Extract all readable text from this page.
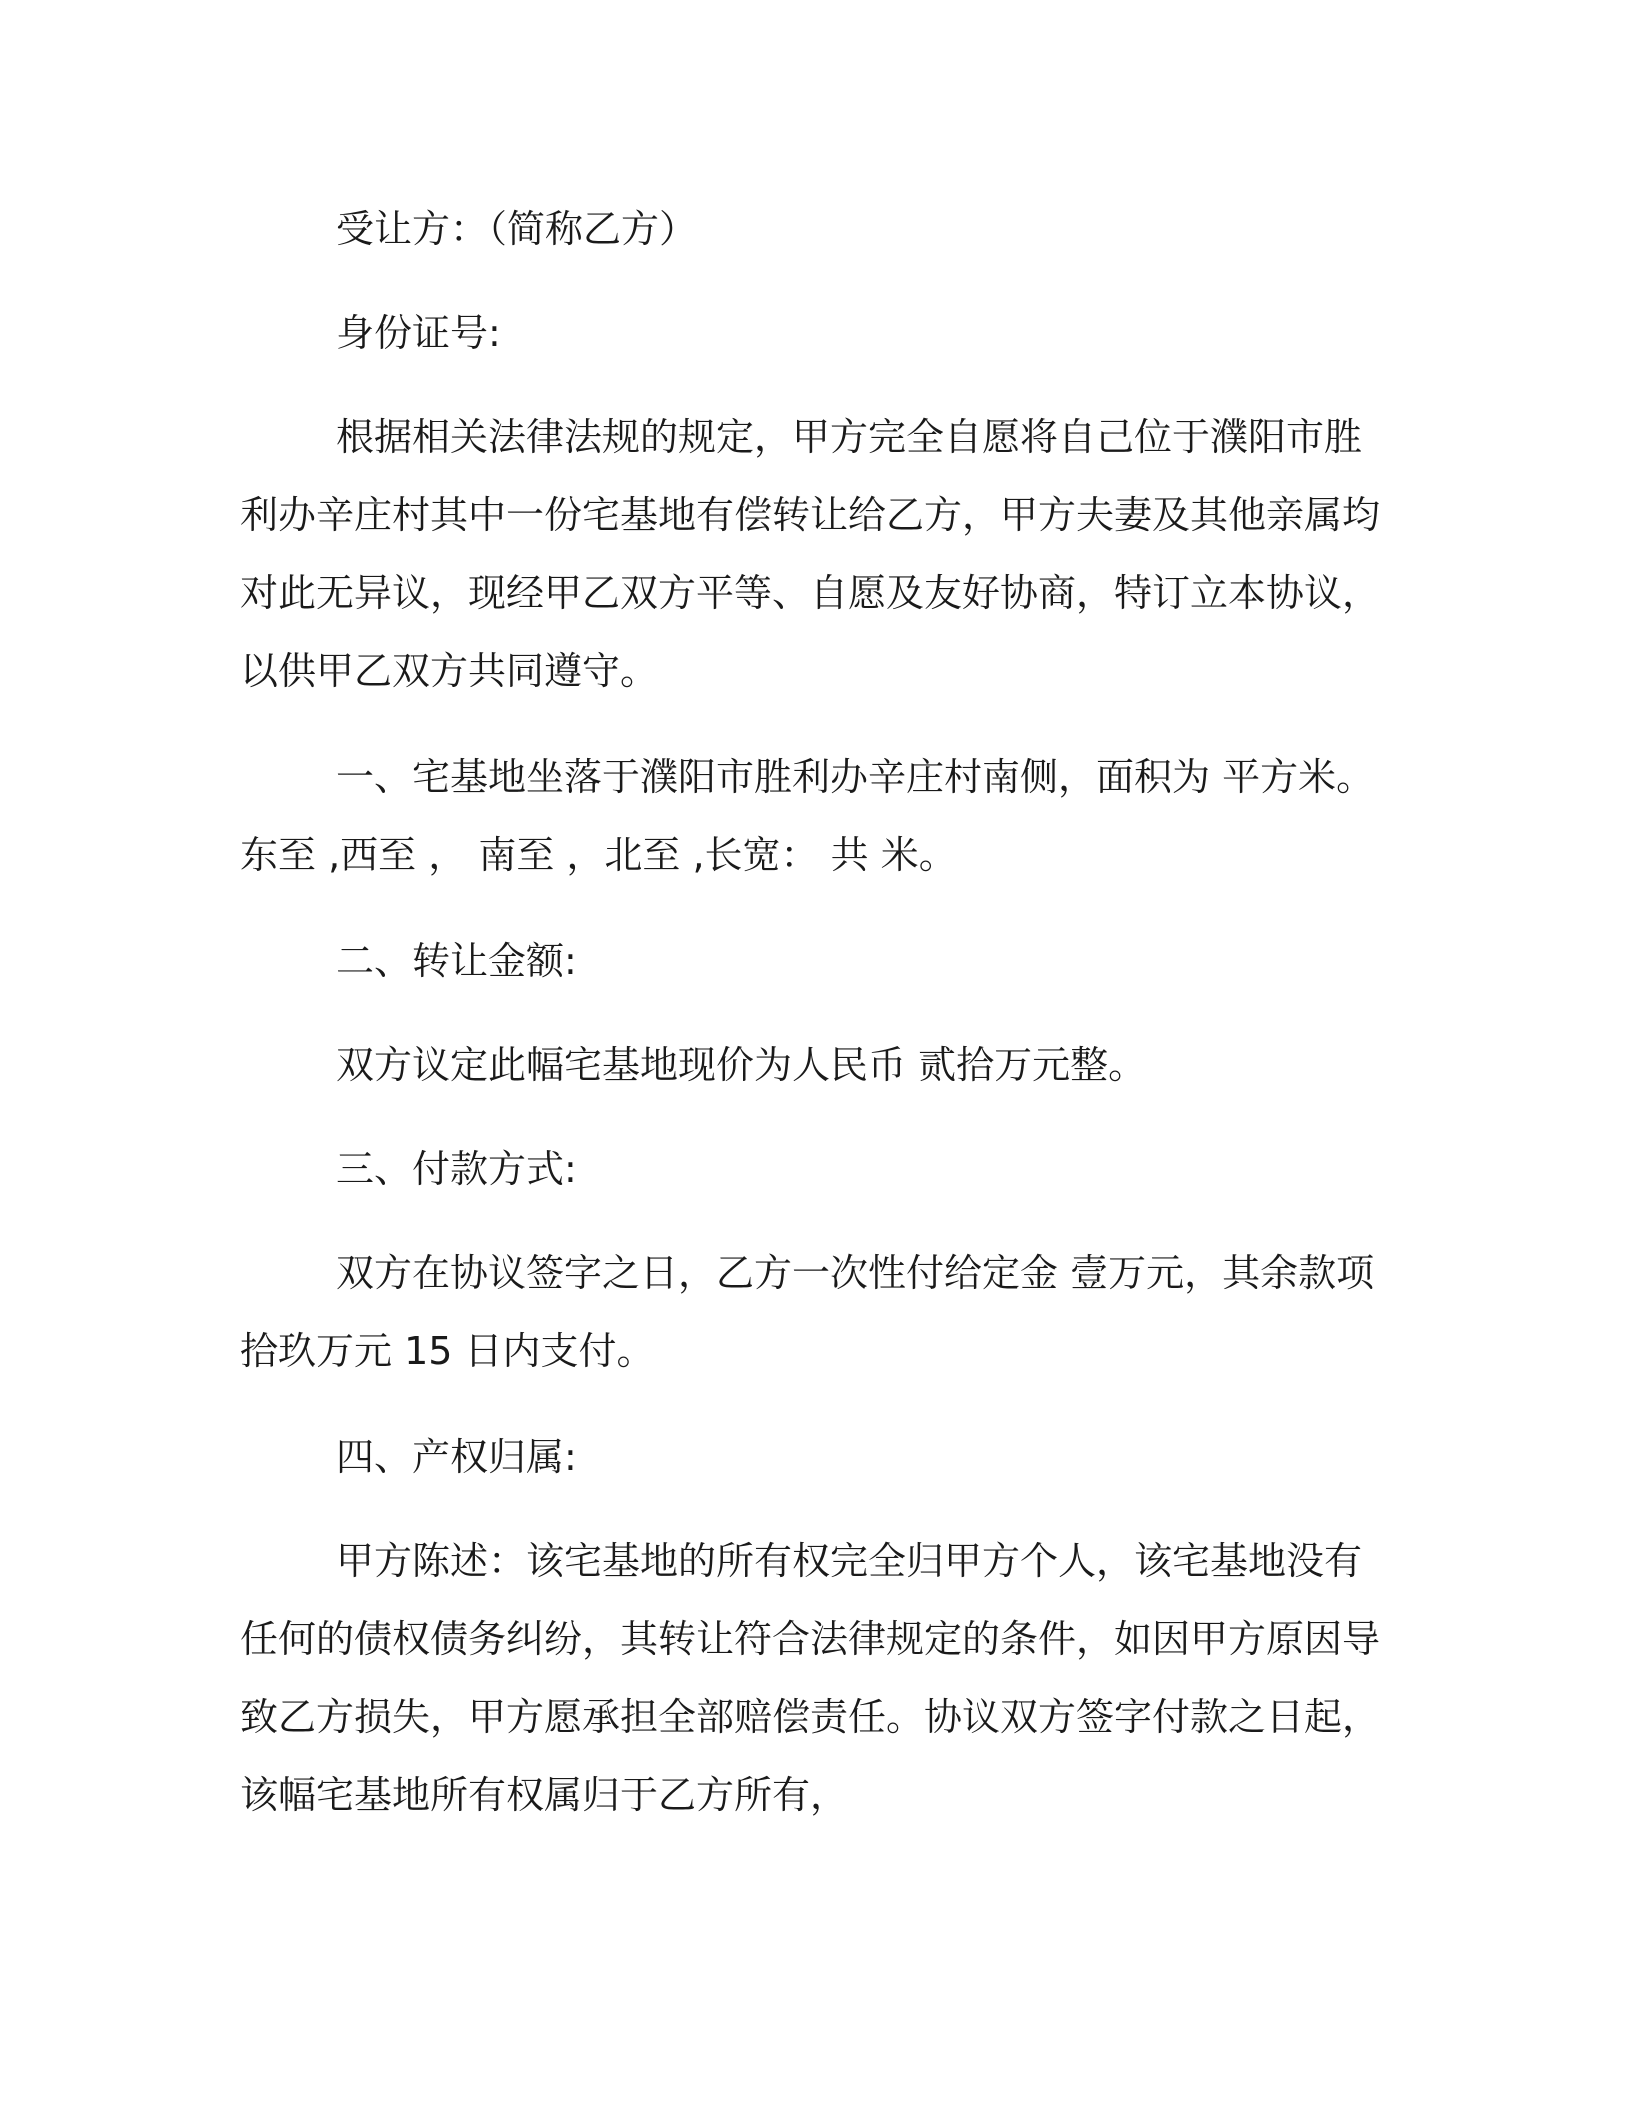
受让方：（简称乙方）

身份证号:

根据相关法律法规的规定，甲方完全自愿将自己位于濮阳市胜利办辛庄村其中一份宅基地有偿转让给乙方，甲方夫妻及其他亲属均对此无异议，现经甲乙双方平等、自愿及友好协商，特订立本协议，以供甲乙双方共同遵守。

一、宅基地坐落于濮阳市胜利办辛庄村南侧，面积为 平方米。东至 ,西至 ， 南至 ，北至 ,长宽： 共 米。

二、转让金额:

双方议定此幅宅基地现价为人民币 贰拾万元整。

三、付款方式:

双方在协议签字之日，乙方一次性付给定金 壹万元，其余款项拾玖万元 15 日内支付。

四、产权归属:

甲方陈述：该宅基地的所有权完全归甲方个人，该宅基地没有任何的债权债务纠纷，其转让符合法律规定的条件，如因甲方原因导致乙方损失，甲方愿承担全部赔偿责任。协议双方签字付款之日起，该幅宅基地所有权属归于乙方所有，
